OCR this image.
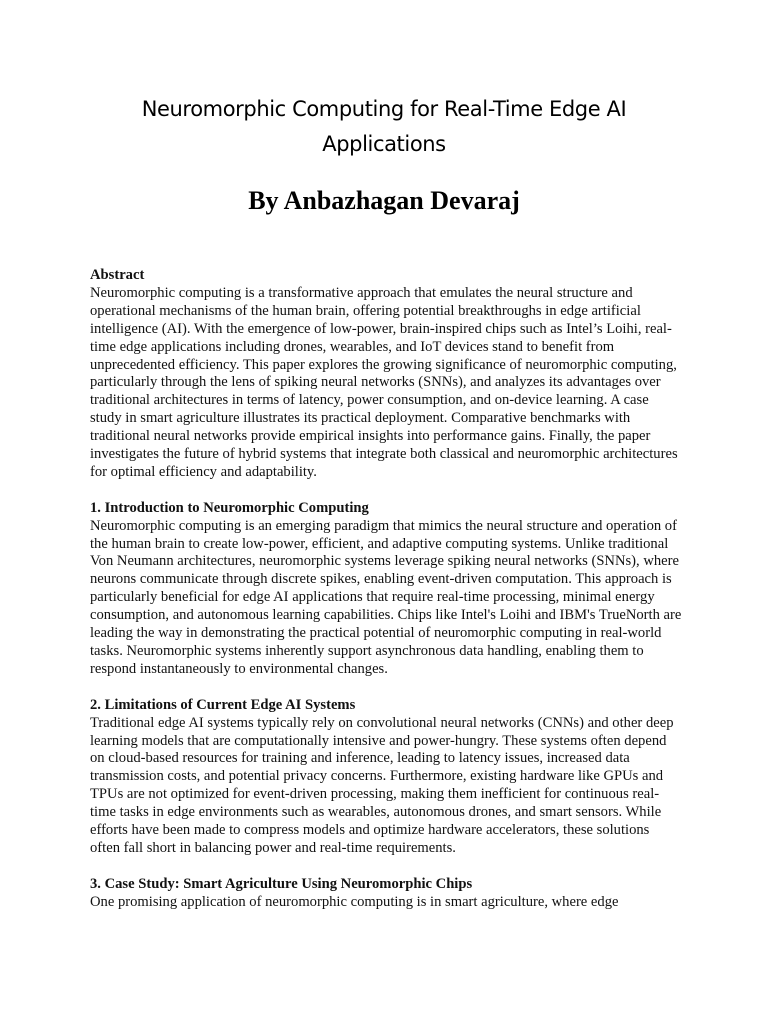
Neuromorphic Computing for Real-Time Edge AI Applications
By Anbazhagan Devaraj
Abstract
Neuromorphic computing is a transformative approach that emulates the neural structure and operational mechanisms of the human brain, offering potential breakthroughs in edge artificial intelligence (AI). With the emergence of low-power, brain-inspired chips such as Intel’s Loihi, real-time edge applications including drones, wearables, and IoT devices stand to benefit from unprecedented efficiency. This paper explores the growing significance of neuromorphic computing, particularly through the lens of spiking neural networks (SNNs), and analyzes its advantages over traditional architectures in terms of latency, power consumption, and on-device learning. A case study in smart agriculture illustrates its practical deployment. Comparative benchmarks with traditional neural networks provide empirical insights into performance gains. Finally, the paper investigates the future of hybrid systems that integrate both classical and neuromorphic architectures for optimal efficiency and adaptability.
1. Introduction to Neuromorphic Computing
Neuromorphic computing is an emerging paradigm that mimics the neural structure and operation of the human brain to create low-power, efficient, and adaptive computing systems. Unlike traditional Von Neumann architectures, neuromorphic systems leverage spiking neural networks (SNNs), where neurons communicate through discrete spikes, enabling event-driven computation. This approach is particularly beneficial for edge AI applications that require real-time processing, minimal energy consumption, and autonomous learning capabilities. Chips like Intel's Loihi and IBM's TrueNorth are leading the way in demonstrating the practical potential of neuromorphic computing in real-world tasks. Neuromorphic systems inherently support asynchronous data handling, enabling them to respond instantaneously to environmental changes.
2. Limitations of Current Edge AI Systems
Traditional edge AI systems typically rely on convolutional neural networks (CNNs) and other deep learning models that are computationally intensive and power-hungry. These systems often depend on cloud-based resources for training and inference, leading to latency issues, increased data transmission costs, and potential privacy concerns. Furthermore, existing hardware like GPUs and TPUs are not optimized for event-driven processing, making them inefficient for continuous real-time tasks in edge environments such as wearables, autonomous drones, and smart sensors. While efforts have been made to compress models and optimize hardware accelerators, these solutions often fall short in balancing power and real-time requirements.
3. Case Study: Smart Agriculture Using Neuromorphic Chips
One promising application of neuromorphic computing is in smart agriculture, where edge
